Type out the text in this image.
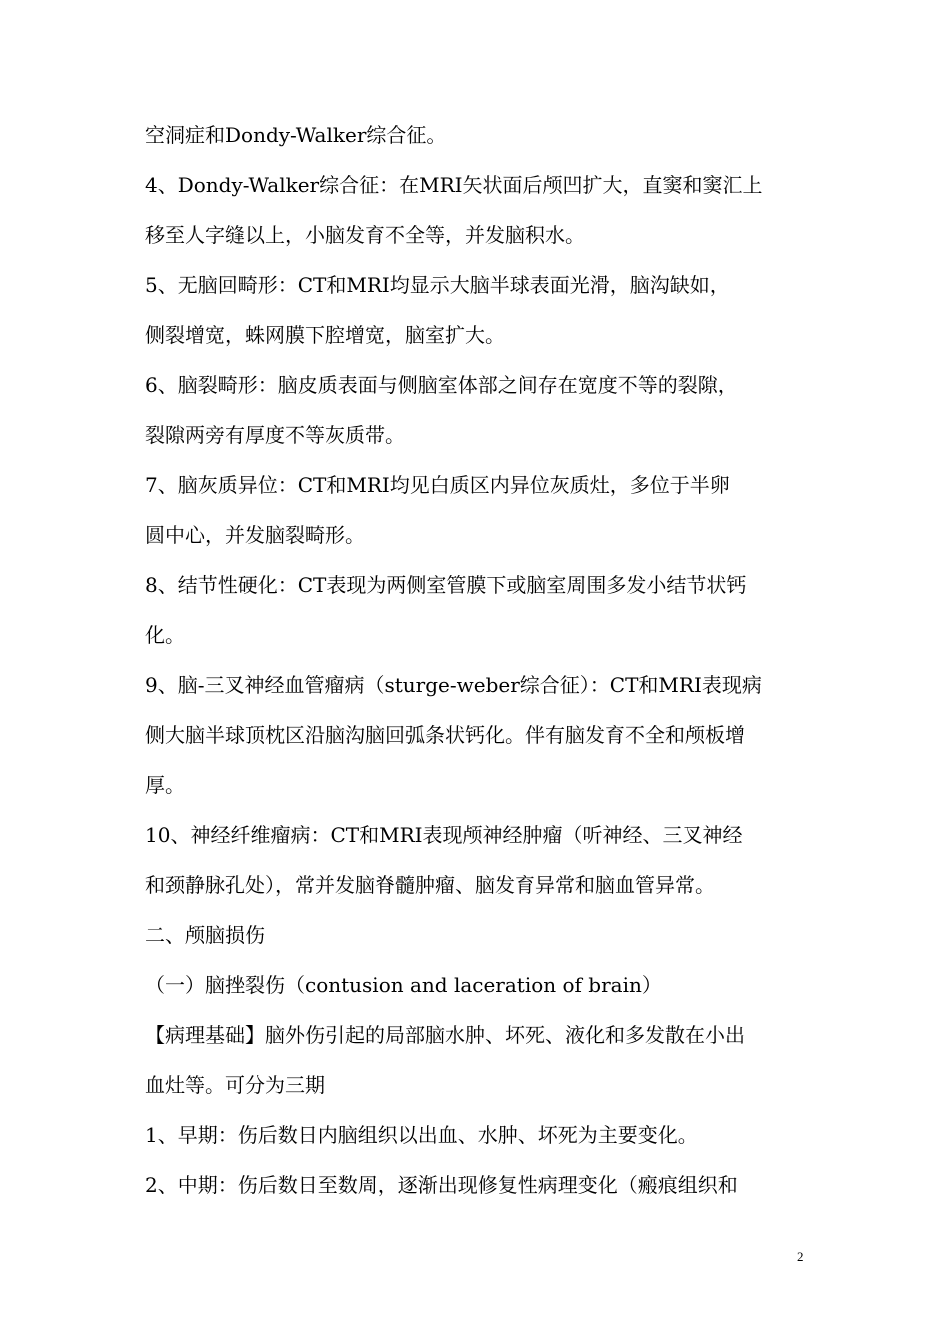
空洞症和Dondy-Walker综合征。
4、Dondy-Walker综合征：在MRI矢状面后颅凹扩大，直窦和窦汇上
移至人字缝以上，小脑发育不全等，并发脑积水。
5、无脑回畸形：CT和MRI均显示大脑半球表面光滑，脑沟缺如，
侧裂增宽，蛛网膜下腔增宽，脑室扩大。
6、脑裂畸形：脑皮质表面与侧脑室体部之间存在宽度不等的裂隙，
裂隙两旁有厚度不等灰质带。
7、脑灰质异位：CT和MRI均见白质区内异位灰质灶，多位于半卵
圆中心，并发脑裂畸形。
8、结节性硬化：CT表现为两侧室管膜下或脑室周围多发小结节状钙
化。
9、脑-三叉神经血管瘤病（sturge-weber综合征）：CT和MRI表现病
侧大脑半球顶枕区沿脑沟脑回弧条状钙化。伴有脑发育不全和颅板增
厚。
10、神经纤维瘤病：CT和MRI表现颅神经肿瘤（听神经、三叉神经
和颈静脉孔处），常并发脑脊髓肿瘤、脑发育异常和脑血管异常。
二、颅脑损伤
（一）脑挫裂伤（contusion and laceration of brain）
【病理基础】脑外伤引起的局部脑水肿、坏死、液化和多发散在小出
血灶等。可分为三期
1、早期：伤后数日内脑组织以出血、水肿、坏死为主要变化。
2、中期：伤后数日至数周，逐渐出现修复性病理变化（瘢痕组织和
2
